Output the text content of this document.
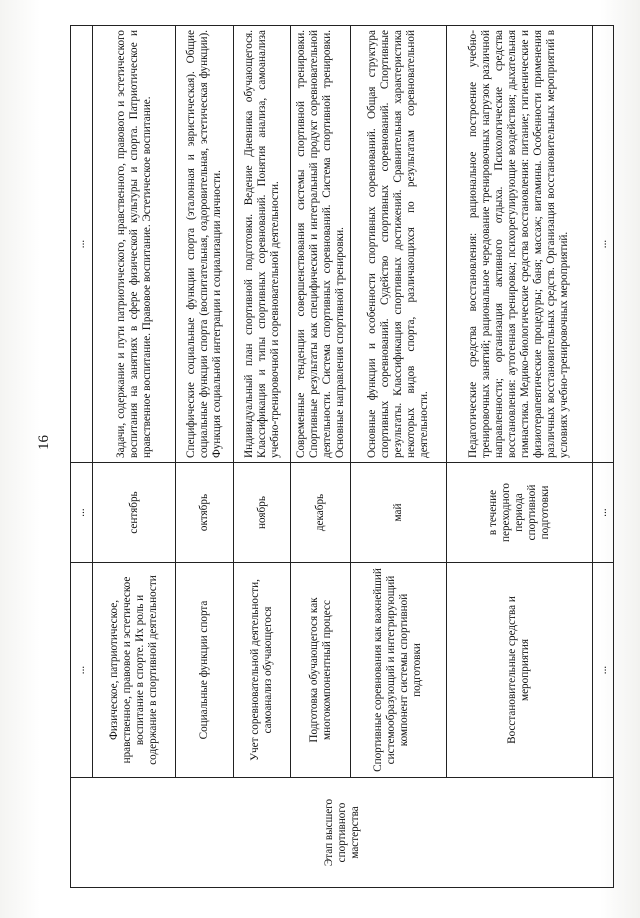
16
Этап высшего спортивного мастерства	...	...	...
	Физическое, патриотическое, нравственное, правовое и эстетическое воспитание в спорте. Их роль и содержание в спортивной деятельности	сентябрь	Задачи, содержание и пути патриотического, нравственного, правового и эстетического воспитания на занятиях в сфере физической культуры и спорта. Патриотическое и нравственное воспитание. Правовое воспитание. Эстетическое воспитание.
	Социальные функции спорта	октябрь	Специфические социальные функции спорта (эталонная и эвристическая). Общие социальные функции спорта (воспитательная, оздоровительная, эстетическая функции). Функция социальной интеграции и социализации личности.
	Учет соревновательной деятельности, самоанализ обучающегося	ноябрь	Индивидуальный план спортивной подготовки. Ведение Дневника обучающегося. Классификация и типы спортивных соревнований. Понятия анализа, самоанализа учебно-тренировочной и соревновательной деятельности.
	Подготовка обучающегося как многокомпонентный процесс	декабрь	Современные тенденции совершенствования системы спортивной тренировки. Спортивные результаты как специфический и интегральный продукт соревновательной деятельности. Система спортивных соревнований. Система спортивной тренировки. Основные направления спортивной тренировки.
	Спортивные соревнования как важнейший системообразующий и интегрирующий компонент системы спортивной подготовки	май	Основные функции и особенности спортивных соревнований. Общая структура спортивных соревнований. Судейство спортивных соревнований. Спортивные результаты. Классификация спортивных достижений. Сравнительная характеристика некоторых видов спорта, различающихся по результатам соревновательной деятельности.
	Восстановительные средства и мероприятия	в течение переходного периода спортивной подготовки	Педагогические средства восстановления: рациональное построение учебно-тренировочных занятий; рациональное чередование тренировочных нагрузок различной направленности; организация активного отдыха. Психологические средства восстановления: аутогенная тренировка; психорегулирующие воздействия; дыхательная гимнастика. Медико-биологические средства восстановления: питание; гигиенические и физиотерапевтические процедуры; баня; массаж; витамины. Особенности применения различных восстановительных средств. Организация восстановительных мероприятий в условиях учебно-тренировочных мероприятий.
	...	...	...
